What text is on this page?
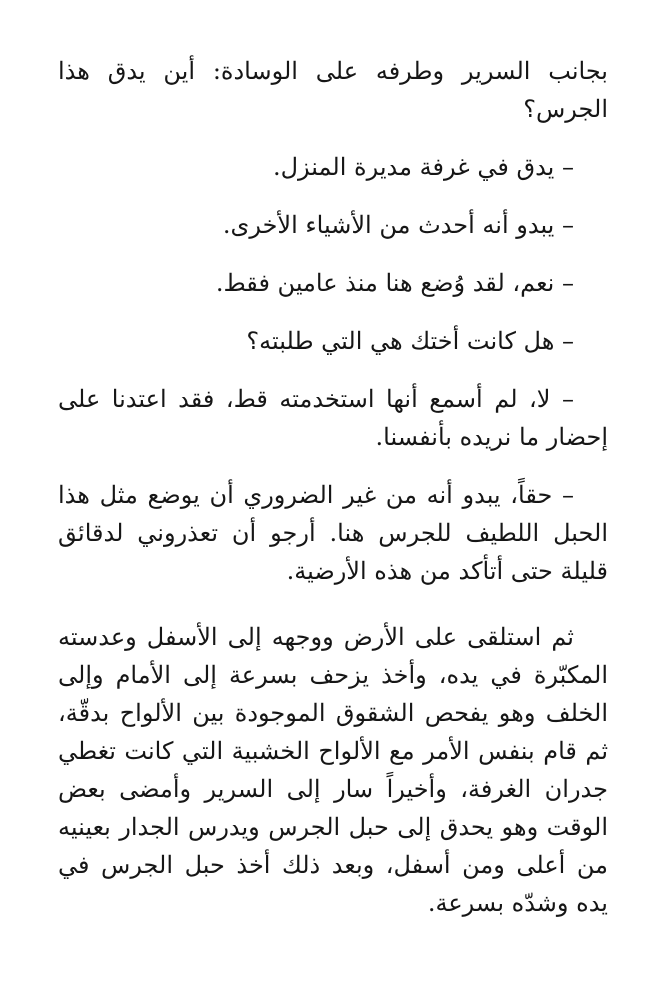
بجانب السرير وطرفه على الوسادة: أين يدق هذا الجرس؟

– يدق في غرفة مديرة المنزل.

– يبدو أنه أحدث من الأشياء الأخرى.

– نعم، لقد وُضع هنا منذ عامين فقط.

– هل كانت أختك هي التي طلبته؟

– لا، لم أسمع أنها استخدمته قط، فقد اعتدنا على إحضار ما نريده بأنفسنا.

– حقاً، يبدو أنه من غير الضروري أن يوضع مثل هذا الحبل اللطيف للجرس هنا. أرجو أن تعذروني لدقائق قليلة حتى أتأكد من هذه الأرضية.

ثم استلقى على الأرض ووجهه إلى الأسفل وعدسته المكبّرة في يده، وأخذ يزحف بسرعة إلى الأمام وإلى الخلف وهو يفحص الشقوق الموجودة بين الألواح بدقّة، ثم قام بنفس الأمر مع الألواح الخشبية التي كانت تغطي جدران الغرفة، وأخيراً سار إلى السرير وأمضى بعض الوقت وهو يحدق إلى حبل الجرس ويدرس الجدار بعينيه من أعلى ومن أسفل، وبعد ذلك أخذ حبل الجرس في يده وشدّه بسرعة.
